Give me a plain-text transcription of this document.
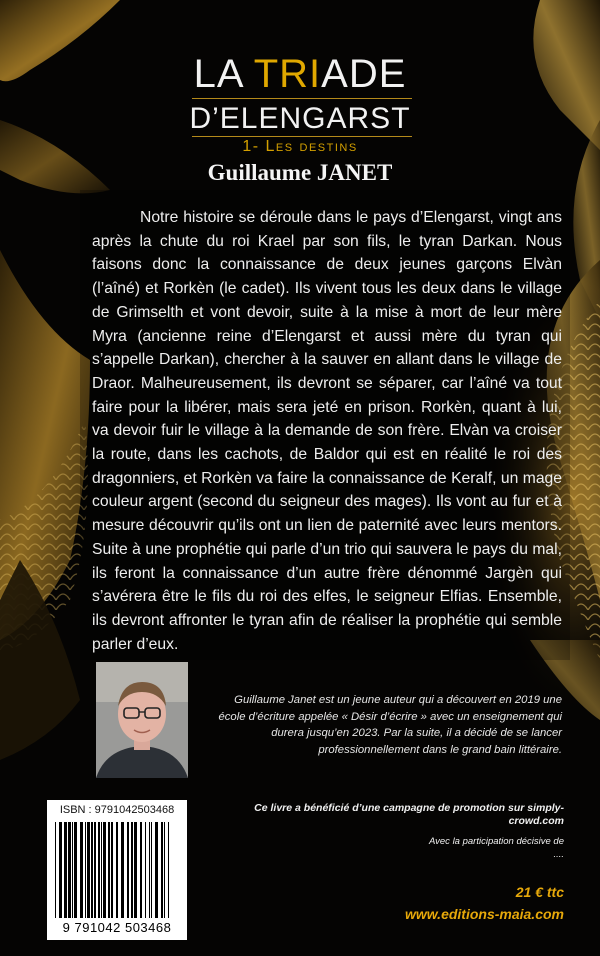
LA TRIADE
D’ELENGARST
1- Les destins
Guillaume JANET

Notre histoire se déroule dans le pays d’Elengarst, vingt ans après la chute du roi Krael par son fils, le tyran Darkan. Nous faisons donc la connaissance de deux jeunes garçons Elvàn (l’aîné) et Rorkèn (le cadet). Ils vivent tous les deux dans le village de Grimselth et vont devoir, suite à la mise à mort de leur mère Myra (ancienne reine d’Elengarst et aussi mère du tyran qui s’appelle Darkan), chercher à la sauver en allant dans le village de Draor. Malheureusement, ils devront se séparer, car l’aîné va tout faire pour la libérer, mais sera jeté en prison. Rorkèn, quant à lui, va devoir fuir le village à la demande de son frère. Elvàn va croiser la route, dans les cachots, de Baldor qui est en réalité le roi des dragonniers, et Rorkèn va faire la connaissance de Keralf, un mage couleur argent (second du seigneur des mages). Ils vont au fur et à mesure découvrir qu’ils ont un lien de paternité avec leurs mentors. Suite à une prophétie qui parle d’un trio qui sauvera le pays du mal, ils feront la connaissance d’un autre frère dénommé Jargèn qui s’avérera être le fils du roi des elfes, le seigneur Elfias. Ensemble, ils devront affronter le tyran afin de réaliser la prophétie qui semble parler d’eux.

Guillaume Janet est un jeune auteur qui a découvert en 2019 une école d’écriture appelée « Désir d’écrire » avec un enseignement qui durera jusqu’en 2023. Par la suite, il a décidé de se lancer professionnellement dans le grand bain littéraire.

ISBN : 9791042503468
9 791042 503468
Ce livre a bénéficié d’une campagne de promotion sur simply-crowd.com
Avec la participation décisive de
....
21 € ttc
www.editions-maia.com
